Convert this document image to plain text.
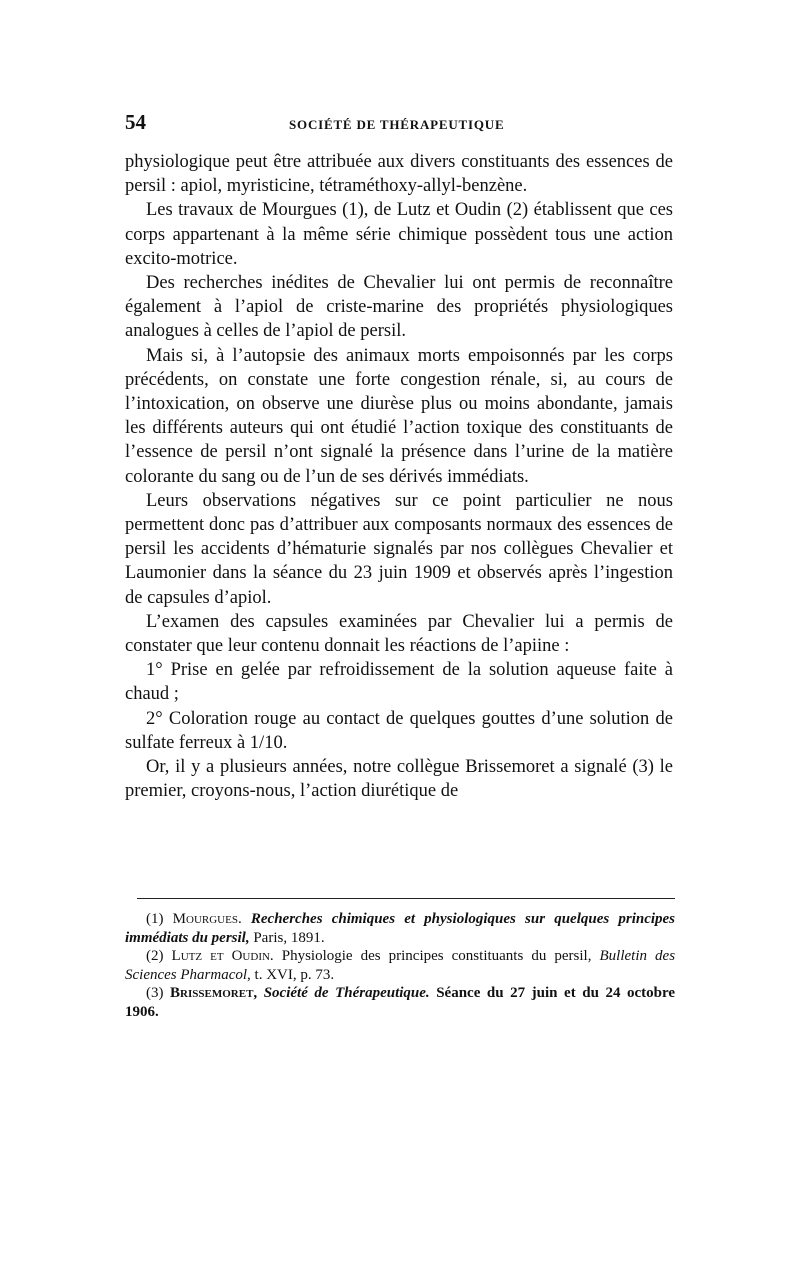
54	SOCIÉTÉ DE THÉRAPEUTIQUE

physiologique peut être attribuée aux divers constituants des essences de persil : apiol, myristicine, tétraméthoxy-allyl-benzène.

Les travaux de Mourgues (1), de Lutz et Oudin (2) établissent que ces corps appartenant à la même série chimique possèdent tous une action excito-motrice.

Des recherches inédites de Chevalier lui ont permis de reconnaître également à l’apiol de criste-marine des propriétés physiologiques analogues à celles de l’apiol de persil.

Mais si, à l’autopsie des animaux morts empoisonnés par les corps précédents, on constate une forte congestion rénale, si, au cours de l’intoxication, on observe une diurèse plus ou moins abondante, jamais les différents auteurs qui ont étudié l’action toxique des constituants de l’essence de persil n’ont signalé la présence dans l’urine de la matière colorante du sang ou de l’un de ses dérivés immédiats.

Leurs observations négatives sur ce point particulier ne nous permettent donc pas d’attribuer aux composants normaux des essences de persil les accidents d’hématurie signalés par nos collègues Chevalier et Laumonier dans la séance du 23 juin 1909 et observés après l’ingestion de capsules d’apiol.

L’examen des capsules examinées par Chevalier lui a permis de constater que leur contenu donnait les réactions de l’apiine :

1° Prise en gelée par refroidissement de la solution aqueuse faite à chaud ;

2° Coloration rouge au contact de quelques gouttes d’une solution de sulfate ferreux à 1/10.

Or, il y a plusieurs années, notre collègue Brissemoret a signalé (3) le premier, croyons-nous, l’action diurétique de

(1) Mourgues. Recherches chimiques et physiologiques sur quelques principes immédiats du persil, Paris, 1891.

(2) Lutz et Oudin. Physiologie des principes constituants du persil, Bulletin des Sciences Pharmacol, t. XVI, p. 73.

(3) Brissemoret, Société de Thérapeutique. Séance du 27 juin et du 24 octobre 1906.
